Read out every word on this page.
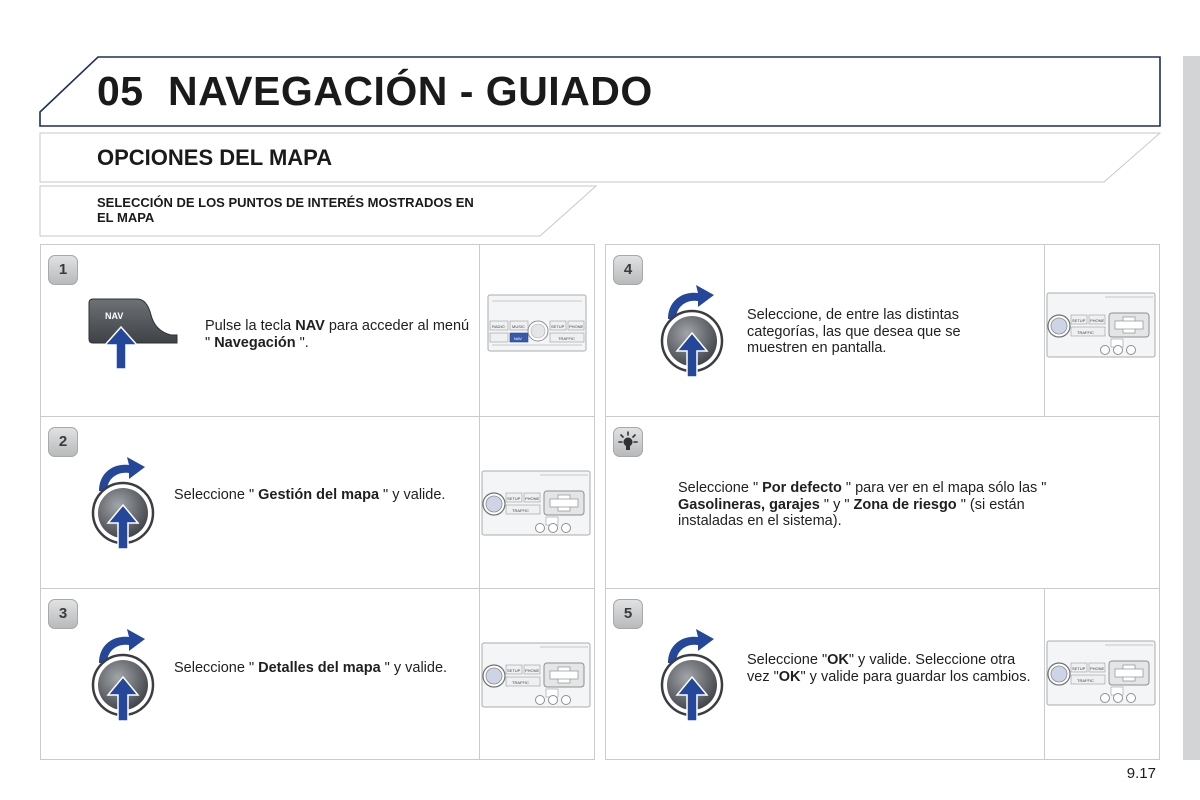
05 NAVEGACIÓN - GUIADO
OPCIONES DEL MAPA
SELECCIÓN DE LOS PUNTOS DE INTERÉS MOSTRADOS EN
EL MAPA
1
NAV
Pulse la tecla NAV para acceder al menú " Navegación ".
RADIO MUSIC
NAV
SETUP PHONE
TRAFFIC
2
Seleccione " Gestión del mapa " y valide.	SETUP PHONE
TRAFFIC
3
Seleccione " Detalles del mapa " y valide.	SETUP PHONE
TRAFFIC
4
Seleccione, de entre las distintas categorías, las que desea que se muestren en pantalla.
SETUP PHONE
TRAFFIC
Seleccione " Por defecto " para ver en el mapa sólo las " Gasolineras, garajes " y " Zona de riesgo " (si están instaladas en el sistema).
5
Seleccione "OK" y valide. Seleccione otra vez "OK" y valide para guardar los cambios.	SETUP PHONE
TRAFFIC
9.17
